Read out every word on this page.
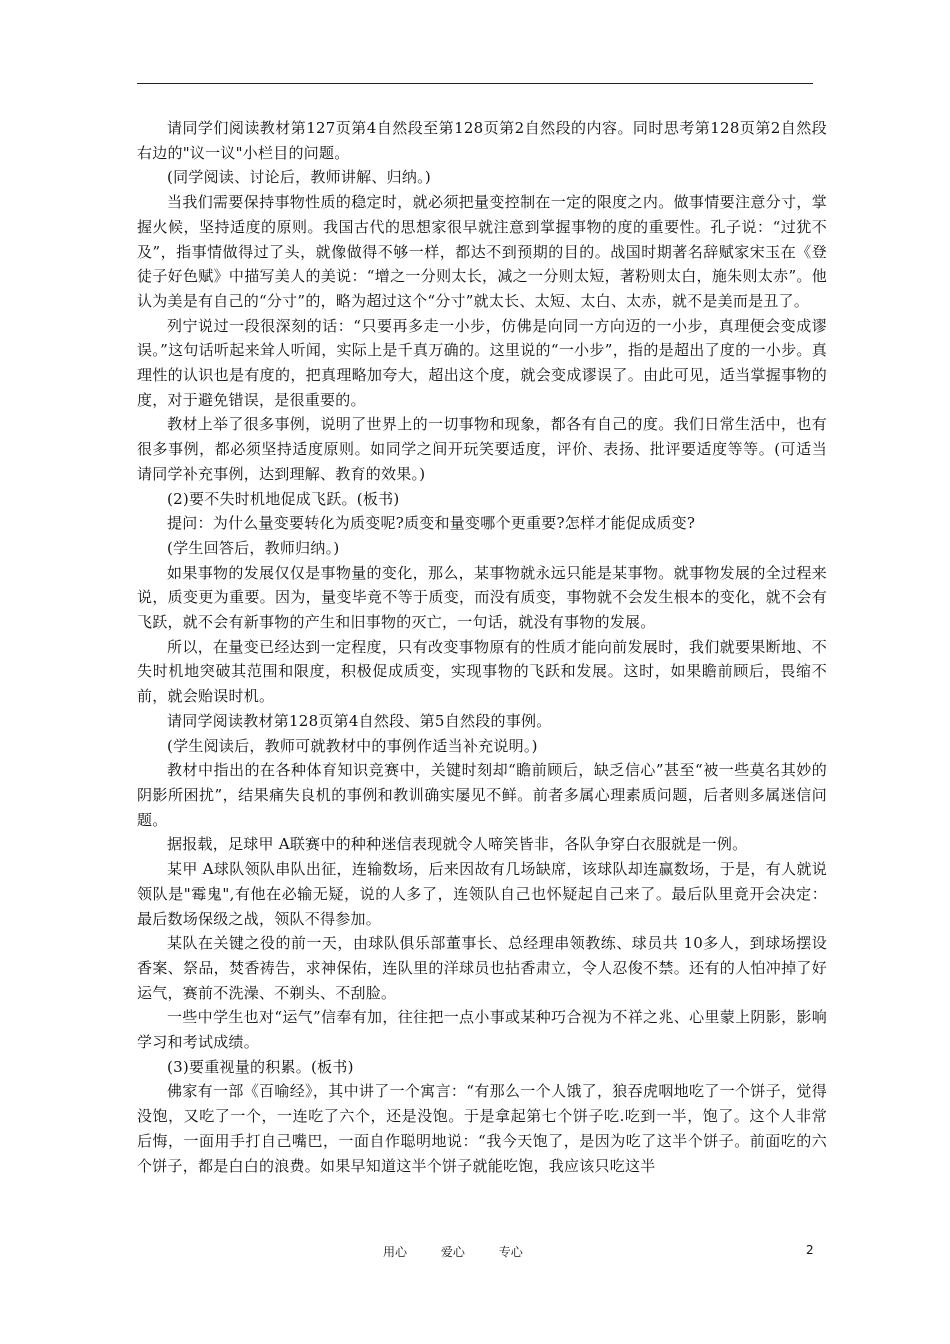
请同学们阅读教材第127页第4自然段至第128页第2自然段的内容。同时思考第128页第2自然段右边的"议一议"小栏目的问题。

(同学阅读、讨论后，教师讲解、归纳。)

当我们需要保持事物性质的稳定时，就必须把量变控制在一定的限度之内。做事情要注意分寸，掌握火候，坚持适度的原则。我国古代的思想家很早就注意到掌握事物的度的重要性。孔子说：“过犹不及”，指事情做得过了头，就像做得不够一样，都达不到预期的目的。战国时期著名辞赋家宋玉在《登徒子好色赋》中描写美人的美说：“增之一分则太长，减之一分则太短，著粉则太白，施朱则太赤”。他认为美是有自己的“分寸”的，略为超过这个“分寸”就太长、太短、太白、太赤，就不是美而是丑了。

列宁说过一段很深刻的话：“只要再多走一小步，仿佛是向同一方向迈的一小步，真理便会变成谬误。”这句话听起来耸人听闻，实际上是千真万确的。这里说的“一小步”，指的是超出了度的一小步。真理性的认识也是有度的，把真理略加夸大，超出这个度，就会变成谬误了。由此可见，适当掌握事物的度，对于避免错误，是很重要的。

教材上举了很多事例，说明了世界上的一切事物和现象，都各有自己的度。我们日常生活中，也有很多事例，都必须坚持适度原则。如同学之间开玩笑要适度，评价、表扬、批评要适度等等。(可适当请同学补充事例，达到理解、教育的效果。)

(2)要不失时机地促成飞跃。(板书)

提问：为什么量变要转化为质变呢?质变和量变哪个更重要?怎样才能促成质变?

(学生回答后，教师归纳。)

如果事物的发展仅仅是事物量的变化，那么，某事物就永远只能是某事物。就事物发展的全过程来说，质变更为重要。因为，量变毕竟不等于质变，而没有质变，事物就不会发生根本的变化，就不会有飞跃，就不会有新事物的产生和旧事物的灭亡，一句话，就没有事物的发展。

所以，在量变已经达到一定程度，只有改变事物原有的性质才能向前发展时，我们就要果断地、不失时机地突破其范围和限度，积极促成质变，实现事物的飞跃和发展。这时，如果瞻前顾后，畏缩不前，就会贻误时机。

请同学阅读教材第128页第4自然段、第5自然段的事例。

(学生阅读后，教师可就教材中的事例作适当补充说明。)

教材中指出的在各种体育知识竞赛中，关键时刻却“瞻前顾后，缺乏信心”甚至“被一些莫名其妙的阴影所困扰”，结果痛失良机的事例和教训确实屡见不鲜。前者多属心理素质问题，后者则多属迷信问题。

据报载，足球甲 A联赛中的种种迷信表现就令人啼笑皆非，各队争穿白衣服就是一例。

某甲 A球队领队串队出征，连输数场，后来因故有几场缺席，该球队却连赢数场，于是，有人就说领队是"霉鬼",有他在必输无疑，说的人多了，连领队自己也怀疑起自己来了。最后队里竟开会决定：最后数场保级之战，领队不得参加。

某队在关键之役的前一天，由球队俱乐部董事长、总经理串领教练、球员共 10多人，到球场摆设香案、祭品，焚香祷告，求神保佑，连队里的洋球员也拈香肃立，令人忍俊不禁。还有的人怕冲掉了好运气，赛前不洗澡、不剃头、不刮脸。

一些中学生也对“运气”信奉有加，往往把一点小事或某种巧合视为不祥之兆、心里蒙上阴影，影响学习和考试成绩。

(3)要重视量的积累。(板书)

佛家有一部《百喻经》，其中讲了一个寓言：“有那么一个人饿了，狼吞虎咽地吃了一个饼子，觉得没饱，又吃了一个，一连吃了六个，还是没饱。于是拿起第七个饼子吃.吃到一半，饱了。这个人非常后悔，一面用手打自己嘴巴，一面自作聪明地说：“我今天饱了，是因为吃了这半个饼子。前面吃的六个饼子，都是白白的浪费。如果早知道这半个饼子就能吃饱，我应该只吃这半

用心	爱心	专心	2
